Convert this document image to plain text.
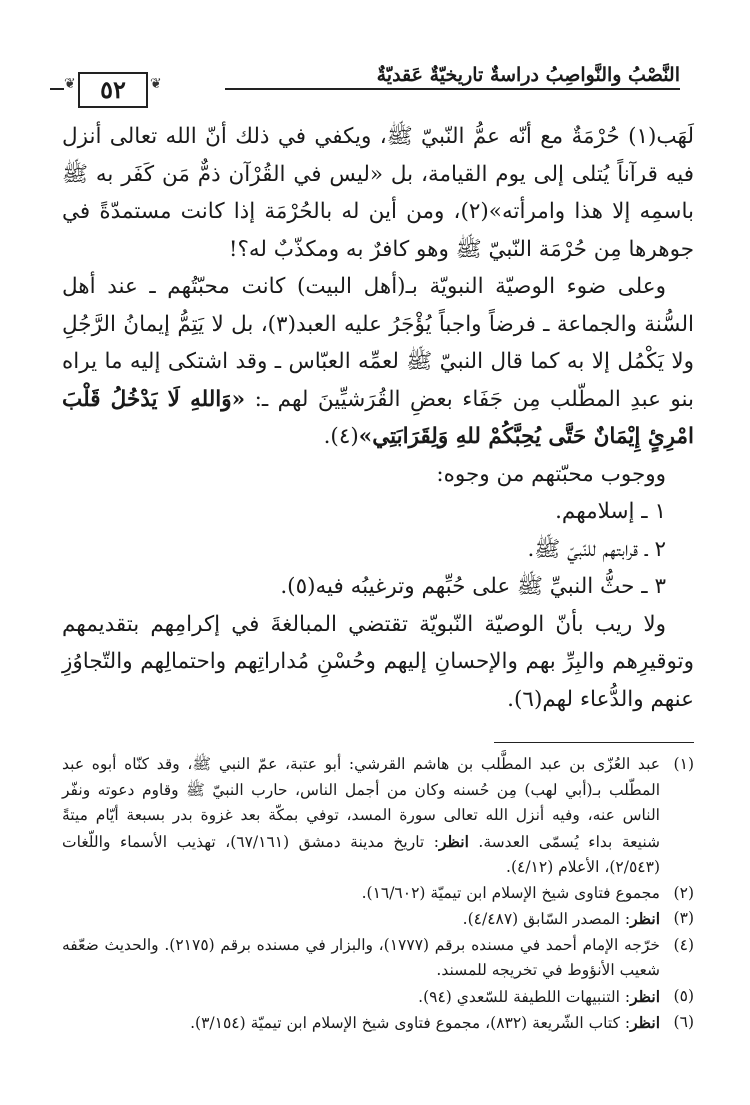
النَّصْبُ والنَّواصِبُ دراسةٌ تاريخيّةٌ عَقديّةٌ
❦	٥٢	❦

لَهَب(١) حُرْمَةٌ مع أنّه عمُّ النّبيّ ﷺ، ويكفي في ذلك أنّ الله تعالى أنزل فيه قرآناً يُتلى إلى يوم القيامة، بل «ليس في القُرْآن ذمٌّ مَن كَفَر به ﷺ باسمِه إلا هذا وامرأته»(٢)، ومن أين له بالحُرْمَة إذا كانت مستمدّةً في جوهرها مِن حُرْمَة النّبيّ ﷺ وهو كافرٌ به ومكذّبٌ له؟!

وعلى ضوء الوصيّة النبويّة بـ(أهل البيت) كانت محبّتُهم ـ عند أهل السُّنة والجماعة ـ فرضاً واجباً يُؤْجَرُ عليه العبد(٣)، بل لا يَتِمُّ إيمانُ الرَّجُلِ ولا يَكْمُل إلا به كما قال النبيّ ﷺ لعمِّه العبّاس ـ وقد اشتكى إليه ما يراه بنو عبدِ المطّلب مِن جَفَاء بعضِ القُرَشيِّينَ لهم ـ: «وَاللهِ لَا يَدْخُلُ قَلْبَ امْرِئٍ إِيْمَانٌ حَتَّى يُحِبَّكُمْ للهِ وَلِقَرَابَتِي»(٤).

ووجوب محبّتهم من وجوه:

١ ـ إسلامهم.

٢ ـ قرابتهم للنّبيّ ﷺ.

٣ ـ حثُّ النبيِّ ﷺ على حُبِّهم وترغيبُه فيه(٥).

ولا ريب بأنّ الوصيّة النّبويّة تقتضي المبالغةَ في إكرامِهم بتقديمهم وتوقيرِهم والبِرِّ بهم والإحسانِ إليهم وحُسْنِ مُداراتِهم واحتمالِهم والتّجاوُزِ عنهم والدُّعاء لهم(٦).

(١)
عبد العُزّى بن عبد المطَّلب بن هاشم القرشي: أبو عتبة، عمّ النبي ﷺ، وقد كنّاه أبوه عبد المطّلب بـ(أبي لهب) مِن حُسنه وكان من أجمل الناس، حارب النبيّ ﷺ وقاوم دعوته ونفّر الناس عنه، وفيه أنزل الله تعالى سورة المسد، توفي بمكّة بعد غزوة بدر بسبعة أيّام ميتةً شنيعة بداء يُسمّى العدسة. انظر: تاريخ مدينة دمشق (٦٧/١٦١)، تهذيب الأسماء واللّغات (٢/٥٤٣)، الأعلام (٤/١٢).
(٢)
مجموع فتاوى شيخ الإسلام ابن تيميّة (١٦/٦٠٢).
(٣)
انظر: المصدر السّابق (٤/٤٨٧).
(٤)
خرّجه الإمام أحمد في مسنده برقم (١٧٧٧)، والبزار في مسنده برقم (٢١٧٥). والحديث ضعّفه شعيب الأنؤوط في تخريجه للمسند.
(٥)
انظر: التنبيهات اللطيفة للسّعدي (٩٤).
(٦)
انظر: كتاب الشّريعة (٨٣٢)، مجموع فتاوى شيخ الإسلام ابن تيميّة (٣/١٥٤).
